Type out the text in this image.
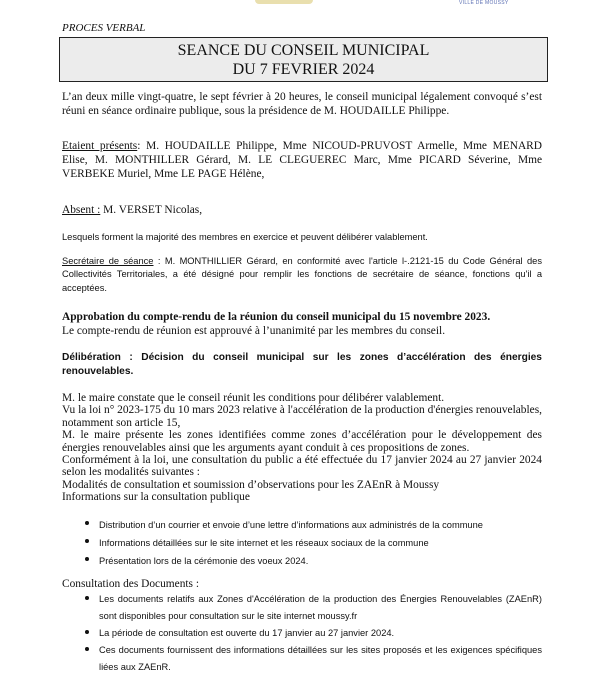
VILLE DE MOUSSY
PROCES VERBAL
SEANCE DU CONSEIL MUNICIPAL
DU 7 FEVRIER 2024
L’an deux mille vingt-quatre, le sept février à 20 heures, le conseil municipal légalement convoqué s’est réuni en séance ordinaire publique, sous la présidence de M. HOUDAILLE Philippe.
Etaient présents: M. HOUDAILLE Philippe, Mme NICOUD-PRUVOST Armelle, Mme MENARD Elise, M. MONTHILLER Gérard, M. LE CLEGUEREC Marc, Mme PICARD Séverine, Mme VERBEKE Muriel, Mme LE PAGE Hélène,
Absent : M. VERSET Nicolas,
Lesquels forment la majorité des membres en exercice et peuvent délibérer valablement.
Secrétaire de séance : M. MONTHILLIER Gérard, en conformité avec l'article l-.2121-15 du Code Général des Collectivités Territoriales, a été désigné pour remplir les fonctions de secrétaire de séance, fonctions qu'il a acceptées.
Approbation du compte-rendu de la réunion du conseil municipal du 15 novembre 2023.
Le compte-rendu de réunion est approuvé à l’unanimité par les membres du conseil.
Délibération : Décision du conseil municipal sur les zones d’accélération des énergies renouvelables.
M. le maire constate que le conseil réunit les conditions pour délibérer valablement.
Vu la loi n° 2023-175 du 10 mars 2023 relative à l'accélération de la production d'énergies renouvelables, notamment son article 15,
M. le maire présente les zones identifiées comme zones d’accélération pour le développement des énergies renouvelables ainsi que les arguments ayant conduit à ces propositions de zones.
Conformément à la loi, une consultation du public a été effectuée du 17 janvier 2024 au 27 janvier 2024 selon les modalités suivantes :
Modalités de consultation et soumission d’observations pour les ZAEnR à Moussy
Informations sur la consultation publique
Distribution d’un courrier et envoie d’une lettre d’informations aux administrés de la commune
Informations détaillées sur le site internet et les réseaux sociaux de la commune
Présentation lors de la cérémonie des voeux 2024.
Consultation des Documents :
Les documents relatifs aux Zones d'Accélération de la production des Énergies Renouvelables (ZAEnR) sont disponibles pour consultation sur le site internet moussy.fr
La période de consultation est ouverte du 17 janvier au 27 janvier 2024.
Ces documents fournissent des informations détaillées sur les sites proposés et les exigences spécifiques liées aux ZAEnR.
